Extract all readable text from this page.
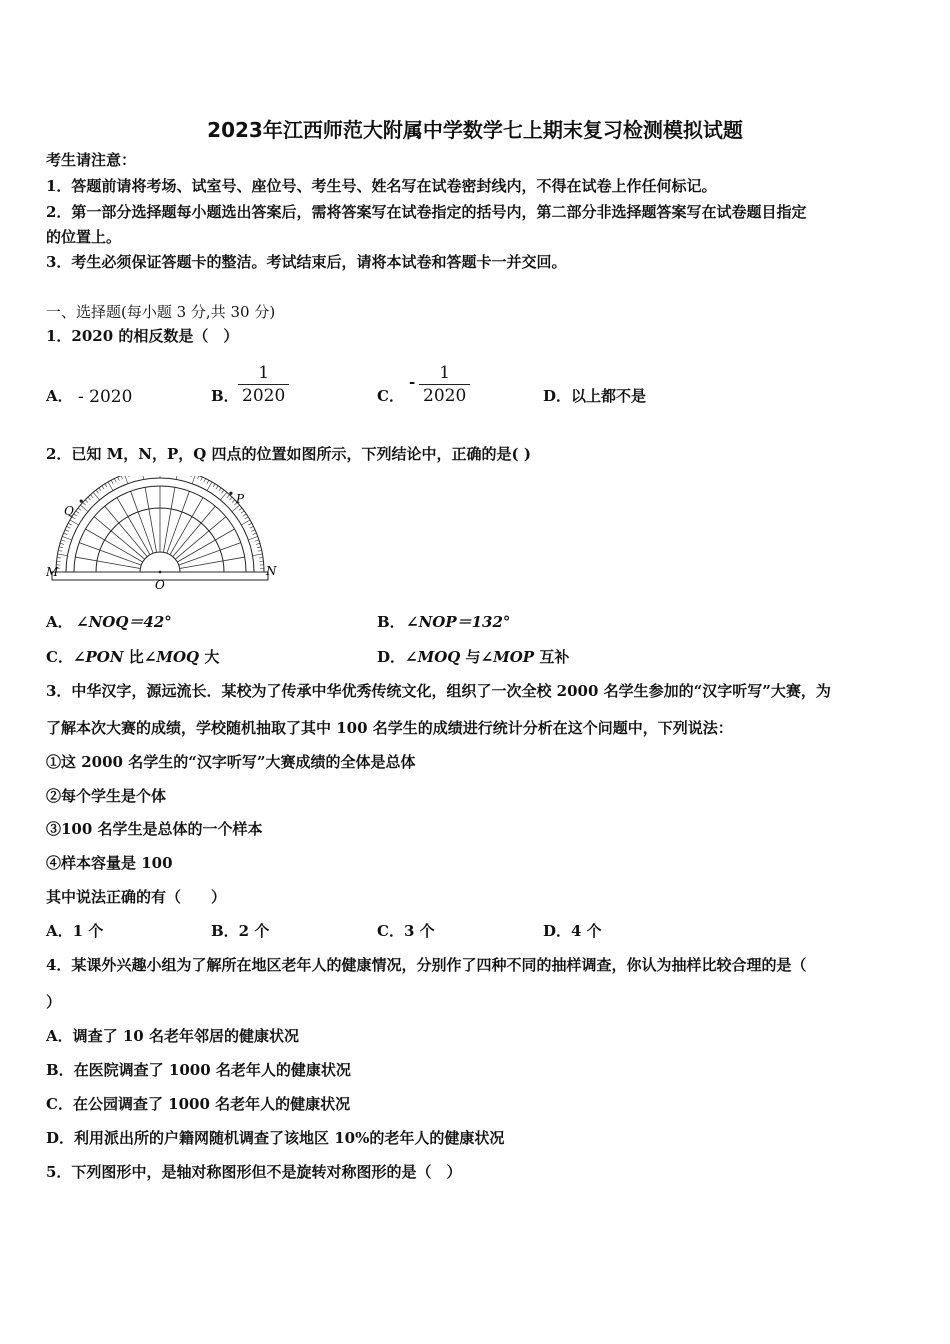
2023年江西师范大附属中学数学七上期末复习检测模拟试题
考生请注意：
1．答题前请将考场、试室号、座位号、考生号、姓名写在试卷密封线内，不得在试卷上作任何标记。
2．第一部分选择题每小题选出答案后，需将答案写在试卷指定的括号内，第二部分非选择题答案写在试卷题目指定
的位置上。
3．考生必须保证答题卡的整洁。考试结束后，请将本试卷和答题卡一并交回。
一、选择题(每小题 3 分,共 30 分)
1．2020 的相反数是（　）
A． - 2020	B． $\frac{1}{2020}$	C．
- $\frac{1}{2020}$	D．以上都不是
2．已知 M，N，P，Q 四点的位置如图所示，下列结论中，正确的是( )
Q
P
M	N
O
A． ∠NOQ＝42°	B． ∠NOP＝132°
C．∠PON 比∠MOQ 大	D．∠MOQ 与∠MOP 互补
3．中华汉字，源远流长．某校为了传承中华优秀传统文化，组织了一次全校 2000 名学生参加的“汉字听写”大赛，为
了解本次大赛的成绩，学校随机抽取了其中 100 名学生的成绩进行统计分析在这个问题中，下列说法：
①这 2000 名学生的“汉字听写”大赛成绩的全体是总体
②每个学生是个体
③100 名学生是总体的一个样本
④样本容量是 100
其中说法正确的有（　　）
A．1 个	B．2 个	C．3 个	D．4 个
4．某课外兴趣小组为了解所在地区老年人的健康情况，分别作了四种不同的抽样调查，你认为抽样比较合理的是（
）
A．调查了 10 名老年邻居的健康状况
B．在医院调查了 1000 名老年人的健康状况
C．在公园调查了 1000 名老年人的健康状况
D．利用派出所的户籍网随机调查了该地区 10%的老年人的健康状况
5．下列图形中，是轴对称图形但不是旋转对称图形的是（　）
